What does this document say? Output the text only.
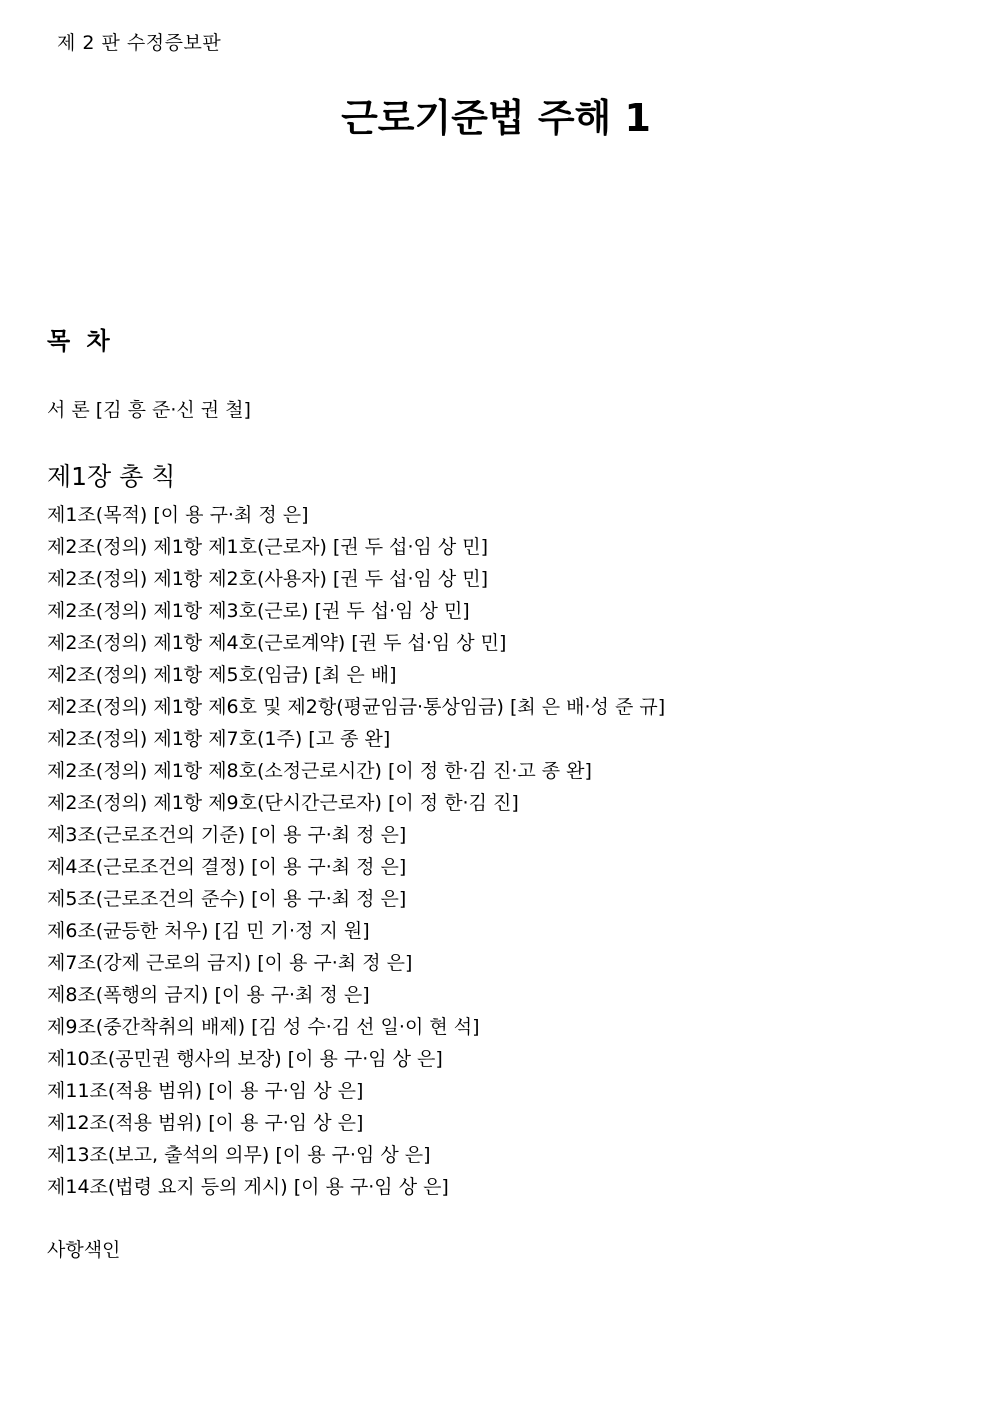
제 2 판 수정증보판
근로기준법 주해 1
목 차
서 론 [김 흥 준·신 권 철]
제1장 총 칙
제1조(목적) [이 용 구·최 정 은]
제2조(정의) 제1항 제1호(근로자) [권 두 섭·임 상 민]
제2조(정의) 제1항 제2호(사용자) [권 두 섭·임 상 민]
제2조(정의) 제1항 제3호(근로) [권 두 섭·임 상 민]
제2조(정의) 제1항 제4호(근로계약) [권 두 섭·임 상 민]
제2조(정의) 제1항 제5호(임금) [최 은 배]
제2조(정의) 제1항 제6호 및 제2항(평균임금·통상임금) [최 은 배·성 준 규]
제2조(정의) 제1항 제7호(1주) [고 종 완]
제2조(정의) 제1항 제8호(소정근로시간) [이 정 한·김 진·고 종 완]
제2조(정의) 제1항 제9호(단시간근로자) [이 정 한·김 진]
제3조(근로조건의 기준) [이 용 구·최 정 은]
제4조(근로조건의 결정) [이 용 구·최 정 은]
제5조(근로조건의 준수) [이 용 구·최 정 은]
제6조(균등한 처우) [김 민 기·정 지 원]
제7조(강제 근로의 금지) [이 용 구·최 정 은]
제8조(폭행의 금지) [이 용 구·최 정 은]
제9조(중간착취의 배제) [김 성 수·김 선 일·이 현 석]
제10조(공민권 행사의 보장) [이 용 구·임 상 은]
제11조(적용 범위) [이 용 구·임 상 은]
제12조(적용 범위) [이 용 구·임 상 은]
제13조(보고, 출석의 의무) [이 용 구·임 상 은]
제14조(법령 요지 등의 게시) [이 용 구·임 상 은]
사항색인
